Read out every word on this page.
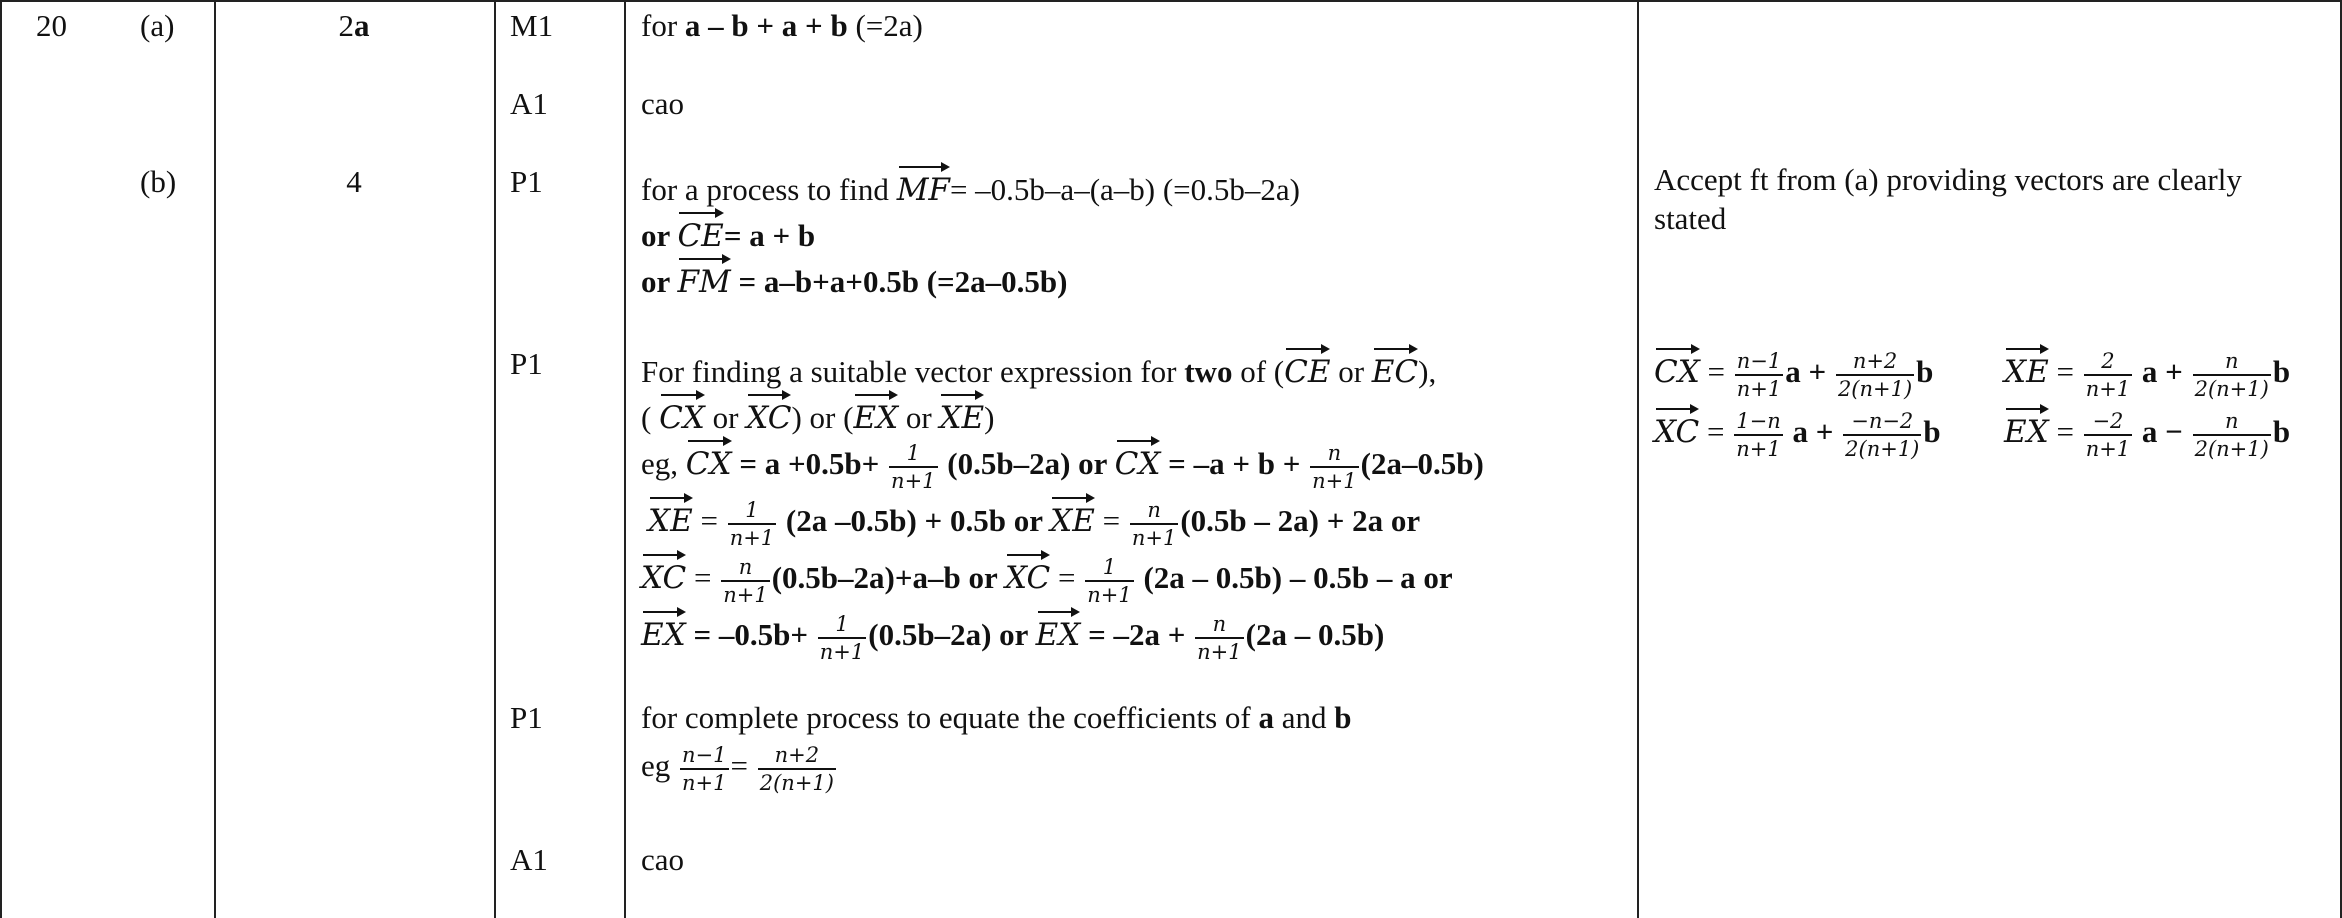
20 (a)
(b)
2a
4
M1
A1
P1
P1
P1
A1
for a – b + a + b (=2a)
cao
for a process to find MF= –0.5b–a–(a–b) (=0.5b–2a)
or CE= a + b
or FM = a–b+a+0.5b (=2a–0.5b)
For finding a suitable vector expression for two of (CE or EC),
( CX or XC) or (EX or XE)
eg, CX = $a +0.5b+ \frac{1}{n+1} (0.5b-2a)$ or CX = $-a + b + \frac{n}{n+1} (2a-0.5b)$
XE = $\frac{1}{n+1} (2a$ –0.5b) + 0.5b or XE = $\frac{n}{n+1} (0.5b - 2a) + 2a$ or
XC = $\frac{n}{n+1} (0.5b-2a)+a-b$ or XC = $\frac{1}{n+1} (2a - 0.5b) - 0.5b$ – a or
EX = $-0.5b+ \frac{1}{n+1} (0.5b-2a)$ or EX = $-2a + \frac{n}{n+1} (2a - 0.5b)$
for complete process to equate the coefficients of a and b
eg $\frac{n-1}{n+1} = \frac{n+2}{2(n+1)}$
cao
Accept ft from (a) providing vectors are clearly stated
CX = $\frac{n-1}{n+1}$ $a + \frac{n+2}{2(n+1)}$ b XE = $\frac{2}{n+1}$ $a + \frac{n}{2(n+1)}$ b
XC = $\frac{1-n}{n+1}$ $a + \frac{-n-2}{2(n+1)}$ b EX = $\frac{-2}{n+1}$ $a - \frac{n}{2(n+1)}$ b
